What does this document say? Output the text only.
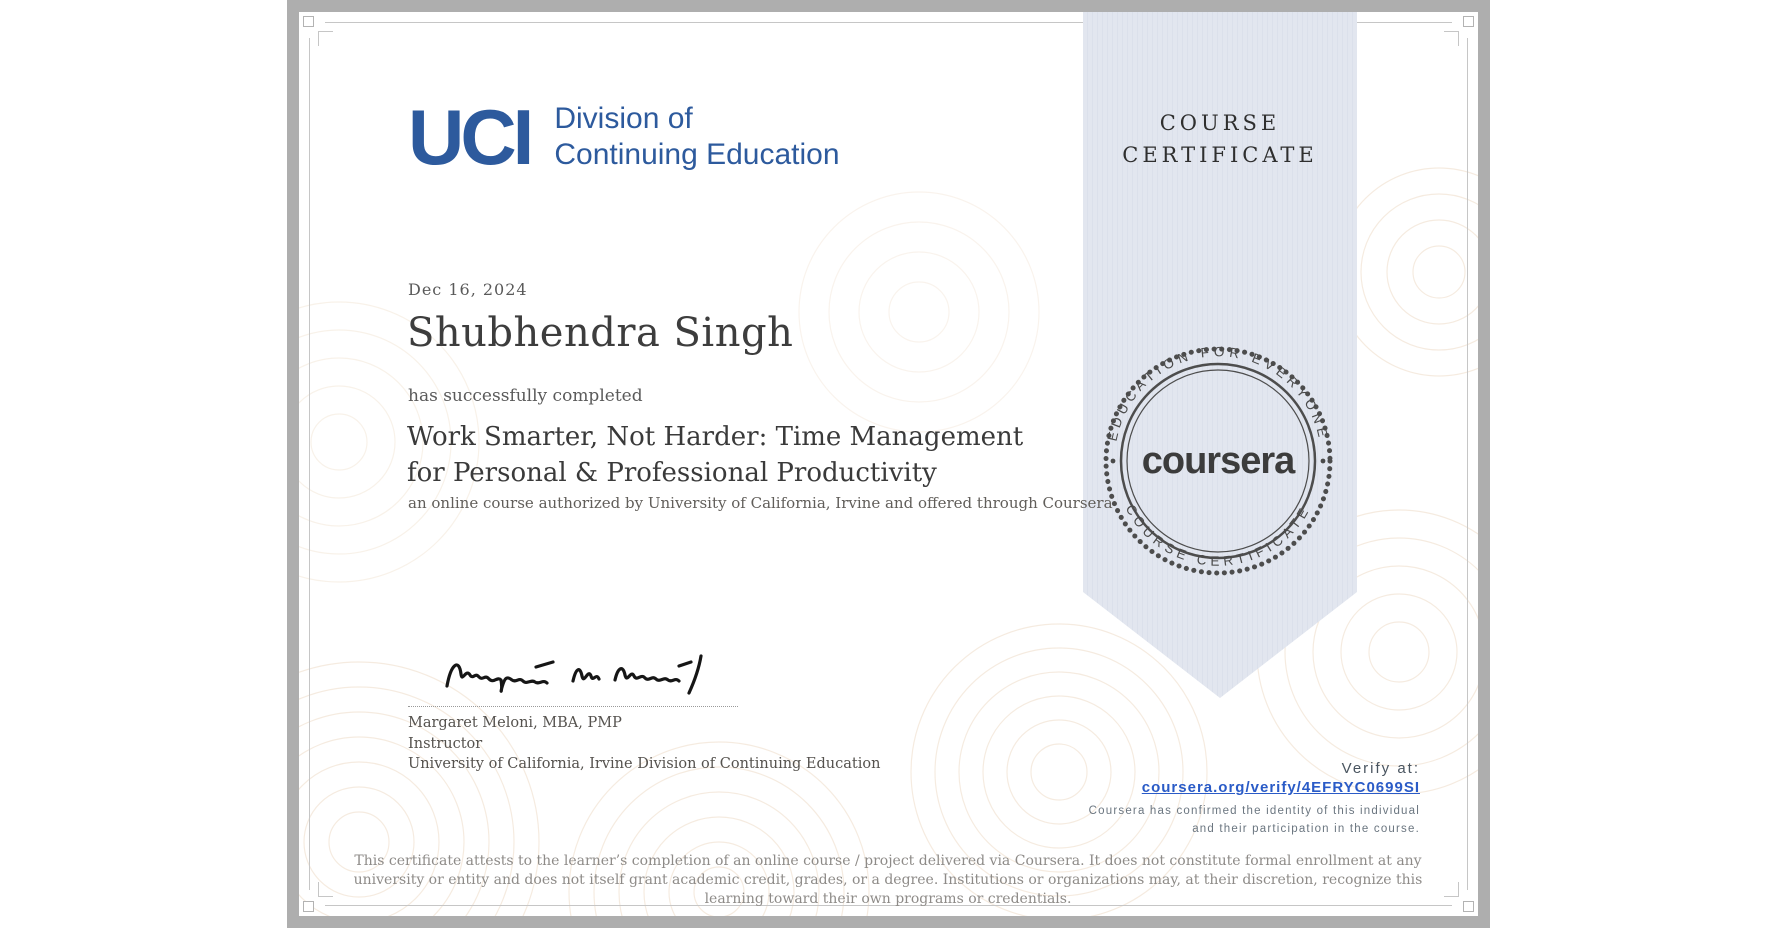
COURSE
CERTIFICATE
EDUCATION FOR EVERYONE
COURSE CERTIFICATE
coursera
UCI Division of
Continuing Education
Dec 16, 2024
Shubhendra Singh
has successfully completed
Work Smarter, Not Harder: Time Management for Personal & Professional Productivity
an online course authorized by University of California, Irvine and offered through Coursera
Margaret Meloni, MBA, PMP
Instructor
University of California, Irvine Division of Continuing Education	Verify at:
coursera.org/verify/4EFRYC0699SI
Coursera has confirmed the identity of this individual and their participation in the course.
This certificate attests to the learner’s completion of an online course / project delivered via Coursera. It does not constitute formal enrollment at any university or entity and does not itself grant academic credit, grades, or a degree. Institutions or organizations may, at their discretion, recognize this learning toward their own programs or credentials.
